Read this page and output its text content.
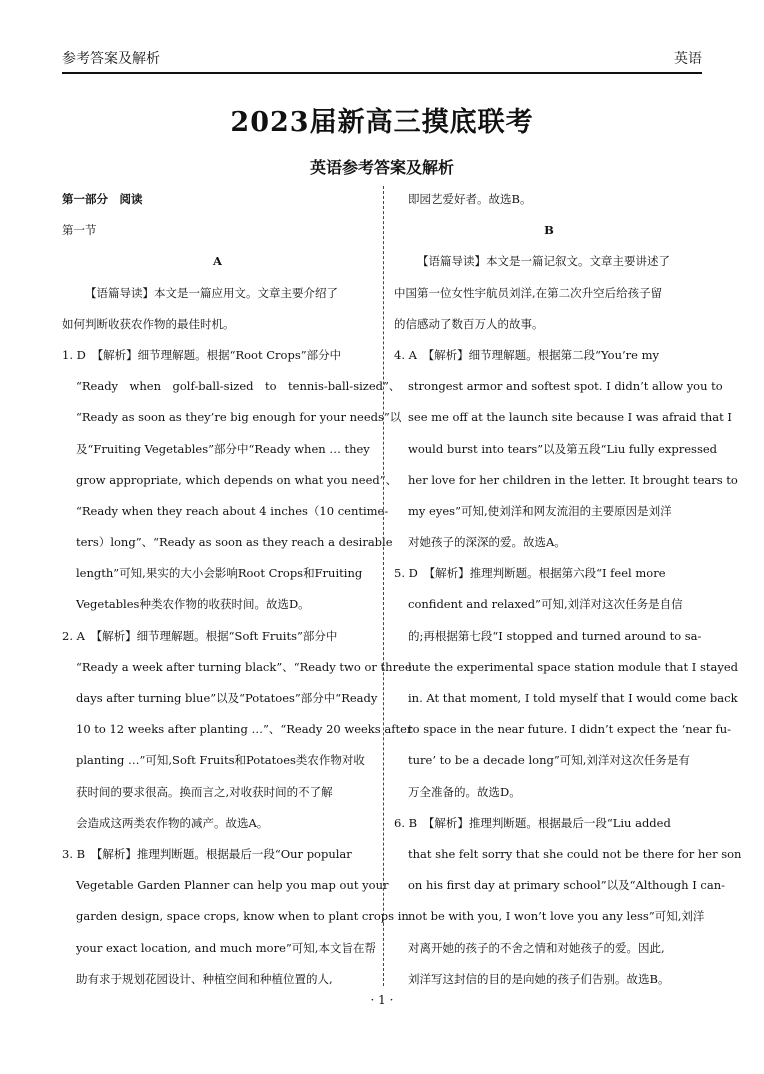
参考答案及解析	英语
2023届新高三摸底联考
英语参考答案及解析
第一部分　阅读
第一节
A
【语篇导读】本文是一篇应用文。文章主要介绍了
如何判断收获农作物的最佳时机。
1. D　【解析】细节理解题。根据“Root Crops”部分中
“Ready　when　golf-ball-sized　to　tennis-ball-sized”、
“Ready as soon as they’re big enough for your needs”以
及“Fruiting Vegetables”部分中“Ready when … they
grow appropriate, which depends on what you need”、
“Ready when they reach about 4 inches（10 centime-
ters）long”、“Ready as soon as they reach a desirable
length”可知,果实的大小会影响Root Crops和Fruiting
Vegetables种类农作物的收获时间。故选D。
2. A　【解析】细节理解题。根据“Soft Fruits”部分中
“Ready a week after turning black”、“Ready two or three
days after turning blue”以及“Potatoes”部分中“Ready
10 to 12 weeks after planting …”、“Ready 20 weeks after
planting …”可知,Soft Fruits和Potatoes类农作物对收
获时间的要求很高。换而言之,对收获时间的不了解
会造成这两类农作物的减产。故选A。
3. B　【解析】推理判断题。根据最后一段“Our popular
Vegetable Garden Planner can help you map out your
garden design, space crops, know when to plant crops in
your exact location, and much more”可知,本文旨在帮
助有求于规划花园设计、种植空间和种植位置的人,
即园艺爱好者。故选B。
B
【语篇导读】本文是一篇记叙文。文章主要讲述了
中国第一位女性宇航员刘洋,在第二次升空后给孩子留
的信感动了数百万人的故事。
4. A　【解析】细节理解题。根据第二段“You’re my
strongest armor and softest spot. I didn’t allow you to
see me off at the launch site because I was afraid that I
would burst into tears”以及第五段“Liu fully expressed
her love for her children in the letter. It brought tears to
my eyes”可知,使刘洋和网友流泪的主要原因是刘洋
对她孩子的深深的爱。故选A。
5. D　【解析】推理判断题。根据第六段“I feel more
confident and relaxed”可知,刘洋对这次任务是自信
的;再根据第七段“I stopped and turned around to sa-
lute the experimental space station module that I stayed
in. At that moment, I told myself that I would come back
to space in the near future. I didn’t expect the ‘near fu-
ture’ to be a decade long”可知,刘洋对这次任务是有
万全准备的。故选D。
6. B　【解析】推理判断题。根据最后一段“Liu added
that she felt sorry that she could not be there for her son
on his first day at primary school”以及“Although I can-
not be with you, I won’t love you any less”可知,刘洋
对离开她的孩子的不舍之情和对她孩子的爱。因此,
刘洋写这封信的目的是向她的孩子们告别。故选B。
· 1 ·
